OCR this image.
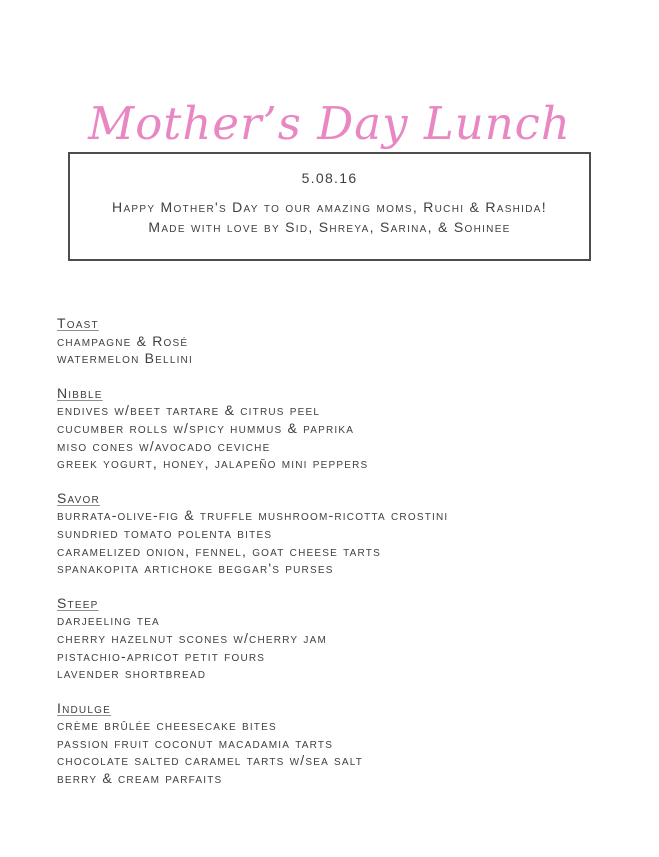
Mother’s Day Lunch
5.08.16
Happy Mother's Day to our amazing moms, Ruchi & Rashida!
Made with love by Sid, Shreya, Sarina, & Sohinee
Toast
champagne & Rosé
watermelon Bellini
Nibble
endives w/beet tartare & citrus peel
cucumber rolls w/spicy hummus & paprika
miso cones w/avocado ceviche
greek yogurt, honey, jalapeño mini peppers
Savor
burrata-olive-fig & truffle mushroom-ricotta crostini
sundried tomato polenta bites
caramelized onion, fennel, goat cheese tarts
spanakopita artichoke beggar's purses
Steep
darjeeling tea
cherry hazelnut scones w/cherry jam
pistachio-apricot petit fours
lavender shortbread
Indulge
crème brûlée cheesecake bites
passion fruit coconut macadamia tarts
chocolate salted caramel tarts w/sea salt
berry & cream parfaits
